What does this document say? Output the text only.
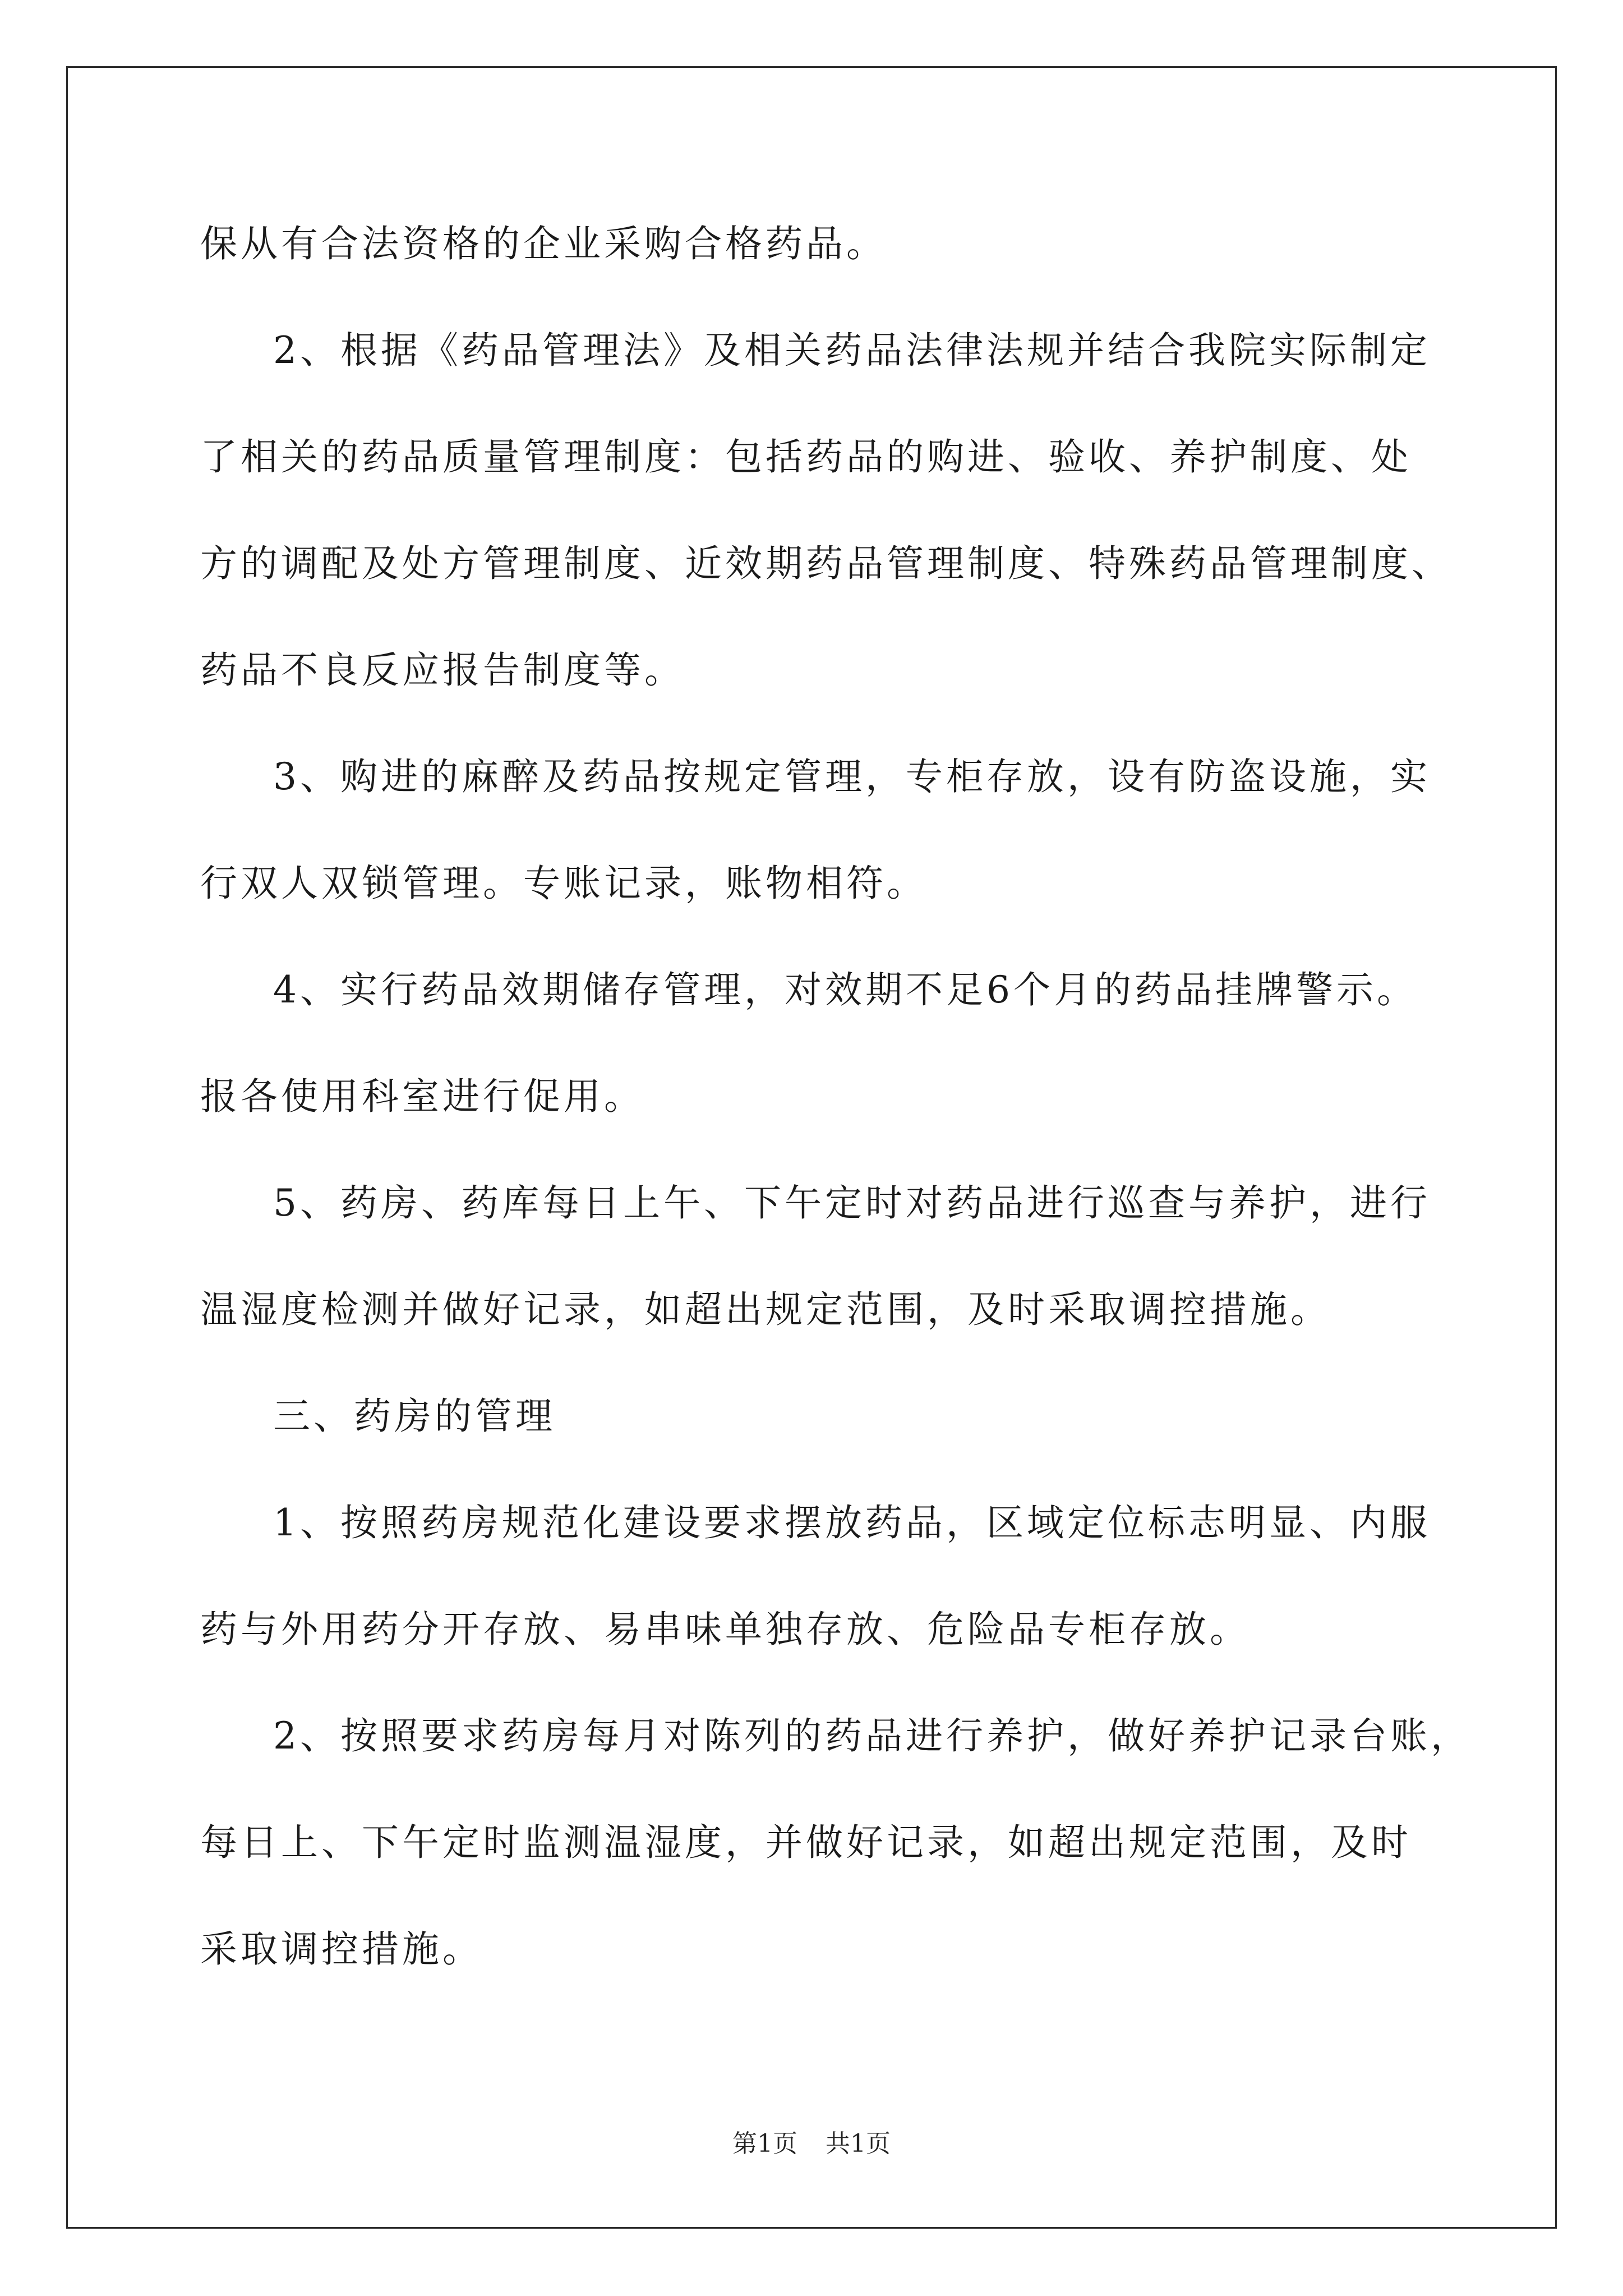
保从有合法资格的企业采购合格药品。
2、根据《药品管理法》及相关药品法律法规并结合我院实际制定
了相关的药品质量管理制度：包括药品的购进、验收、养护制度、处
方的调配及处方管理制度、近效期药品管理制度、特殊药品管理制度、
药品不良反应报告制度等。
3、购进的麻醉及药品按规定管理，专柜存放，设有防盗设施，实
行双人双锁管理。专账记录，账物相符。
4、实行药品效期储存管理，对效期不足6个月的药品挂牌警示。
报各使用科室进行促用。
5、药房、药库每日上午、下午定时对药品进行巡查与养护，进行
温湿度检测并做好记录，如超出规定范围，及时采取调控措施。
三、药房的管理
1、按照药房规范化建设要求摆放药品，区域定位标志明显、内服
药与外用药分开存放、易串味单独存放、危险品专柜存放。
2、按照要求药房每月对陈列的药品进行养护，做好养护记录台账，
每日上、下午定时监测温湿度，并做好记录，如超出规定范围，及时
采取调控措施。
第1页 共1页
